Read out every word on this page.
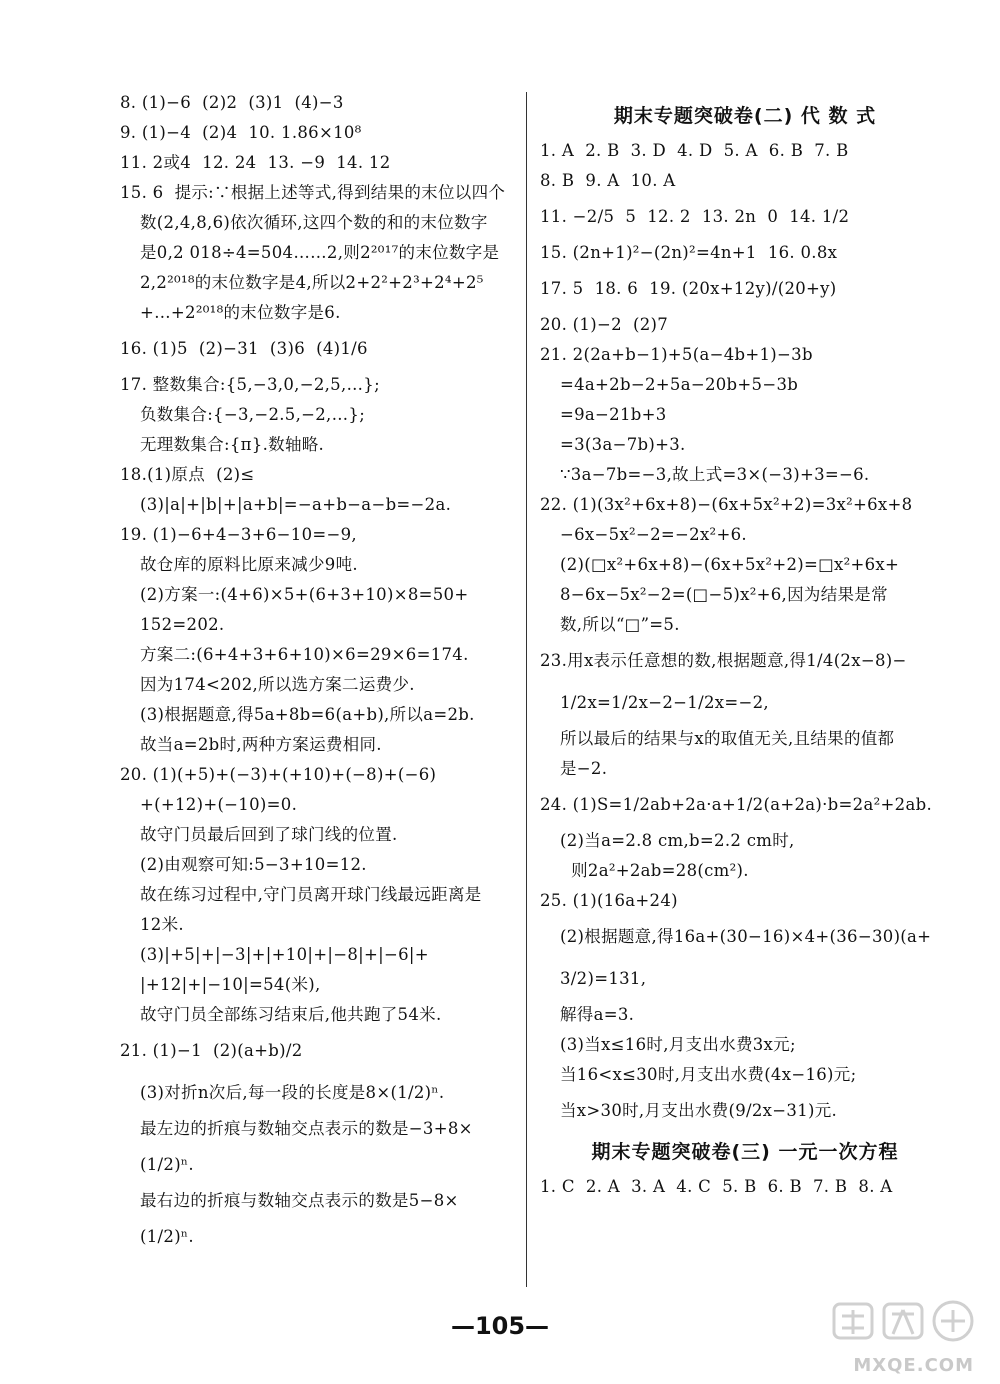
8. (1)−6  (2)2  (3)1  (4)−3
9. (1)−4  (2)4  10. 1.86×10⁸
11. 2或4  12. 24  13. −9  14. 12
15. 6  提示:∵根据上述等式,得到结果的末位以四个
数(2,4,8,6)依次循环,这四个数的和的末位数字
是0,2 018÷4=504……2,则2²⁰¹⁷的末位数字是
2,2²⁰¹⁸的末位数字是4,所以2+2²+2³+2⁴+2⁵
+…+2²⁰¹⁸的末位数字是6.
16. (1)5  (2)−31  (3)6  (4)1/6
17. 整数集合:{5,−3,0,−2,5,…};
负数集合:{−3,−2.5,−2,…};
无理数集合:{π}.数轴略.
18.(1)原点  (2)≤
(3)|a|+|b|+|a+b|=−a+b−a−b=−2a.
19. (1)−6+4−3+6−10=−9,
故仓库的原料比原来减少9吨.
(2)方案一:(4+6)×5+(6+3+10)×8=50+
152=202.
方案二:(6+4+3+6+10)×6=29×6=174.
因为174<202,所以选方案二运费少.
(3)根据题意,得5a+8b=6(a+b),所以a=2b.
故当a=2b时,两种方案运费相同.
20. (1)(+5)+(−3)+(+10)+(−8)+(−6)
+(+12)+(−10)=0.
故守门员最后回到了球门线的位置.
(2)由观察可知:5−3+10=12.
故在练习过程中,守门员离开球门线最远距离是
12米.
(3)|+5|+|−3|+|+10|+|−8|+|−6|+
|+12|+|−10|=54(米),
故守门员全部练习结束后,他共跑了54米.
21. (1)−1  (2)(a+b)/2
(3)对折n次后,每一段的长度是8×(1/2)ⁿ.
最左边的折痕与数轴交点表示的数是−3+8×
(1/2)ⁿ.
最右边的折痕与数轴交点表示的数是5−8×
(1/2)ⁿ.
期末专题突破卷(二) 代 数 式
1. A  2. B  3. D  4. D  5. A  6. B  7. B
8. B  9. A  10. A
11. −2/5  5  12. 2  13. 2n  0  14. 1/2
15. (2n+1)²−(2n)²=4n+1  16. 0.8x
17. 5  18. 6  19. (20x+12y)/(20+y)
20. (1)−2  (2)7
21. 2(2a+b−1)+5(a−4b+1)−3b
=4a+2b−2+5a−20b+5−3b
=9a−21b+3
=3(3a−7b)+3.
∵3a−7b=−3,故上式=3×(−3)+3=−6.
22. (1)(3x²+6x+8)−(6x+5x²+2)=3x²+6x+8
−6x−5x²−2=−2x²+6.
(2)(□x²+6x+8)−(6x+5x²+2)=□x²+6x+
8−6x−5x²−2=(□−5)x²+6,因为结果是常
数,所以“□”=5.
23.用x表示任意想的数,根据题意,得1/4(2x−8)−
1/2x=1/2x−2−1/2x=−2,
所以最后的结果与x的取值无关,且结果的值都
是−2.
24. (1)S=1/2ab+2a·a+1/2(a+2a)·b=2a²+2ab.
(2)当a=2.8 cm,b=2.2 cm时,
则2a²+2ab=28(cm²).
25. (1)(16a+24)
(2)根据题意,得16a+(30−16)×4+(36−30)(a+
3/2)=131,
解得a=3.
(3)当x≤16时,月支出水费3x元;
当16<x≤30时,月支出水费(4x−16)元;
当x>30时,月支出水费(9/2x−31)元.
期末专题突破卷(三) 一元一次方程
1. C  2. A  3. A  4. C  5. B  6. B  7. B  8. A
—105—
MXQE.COM
